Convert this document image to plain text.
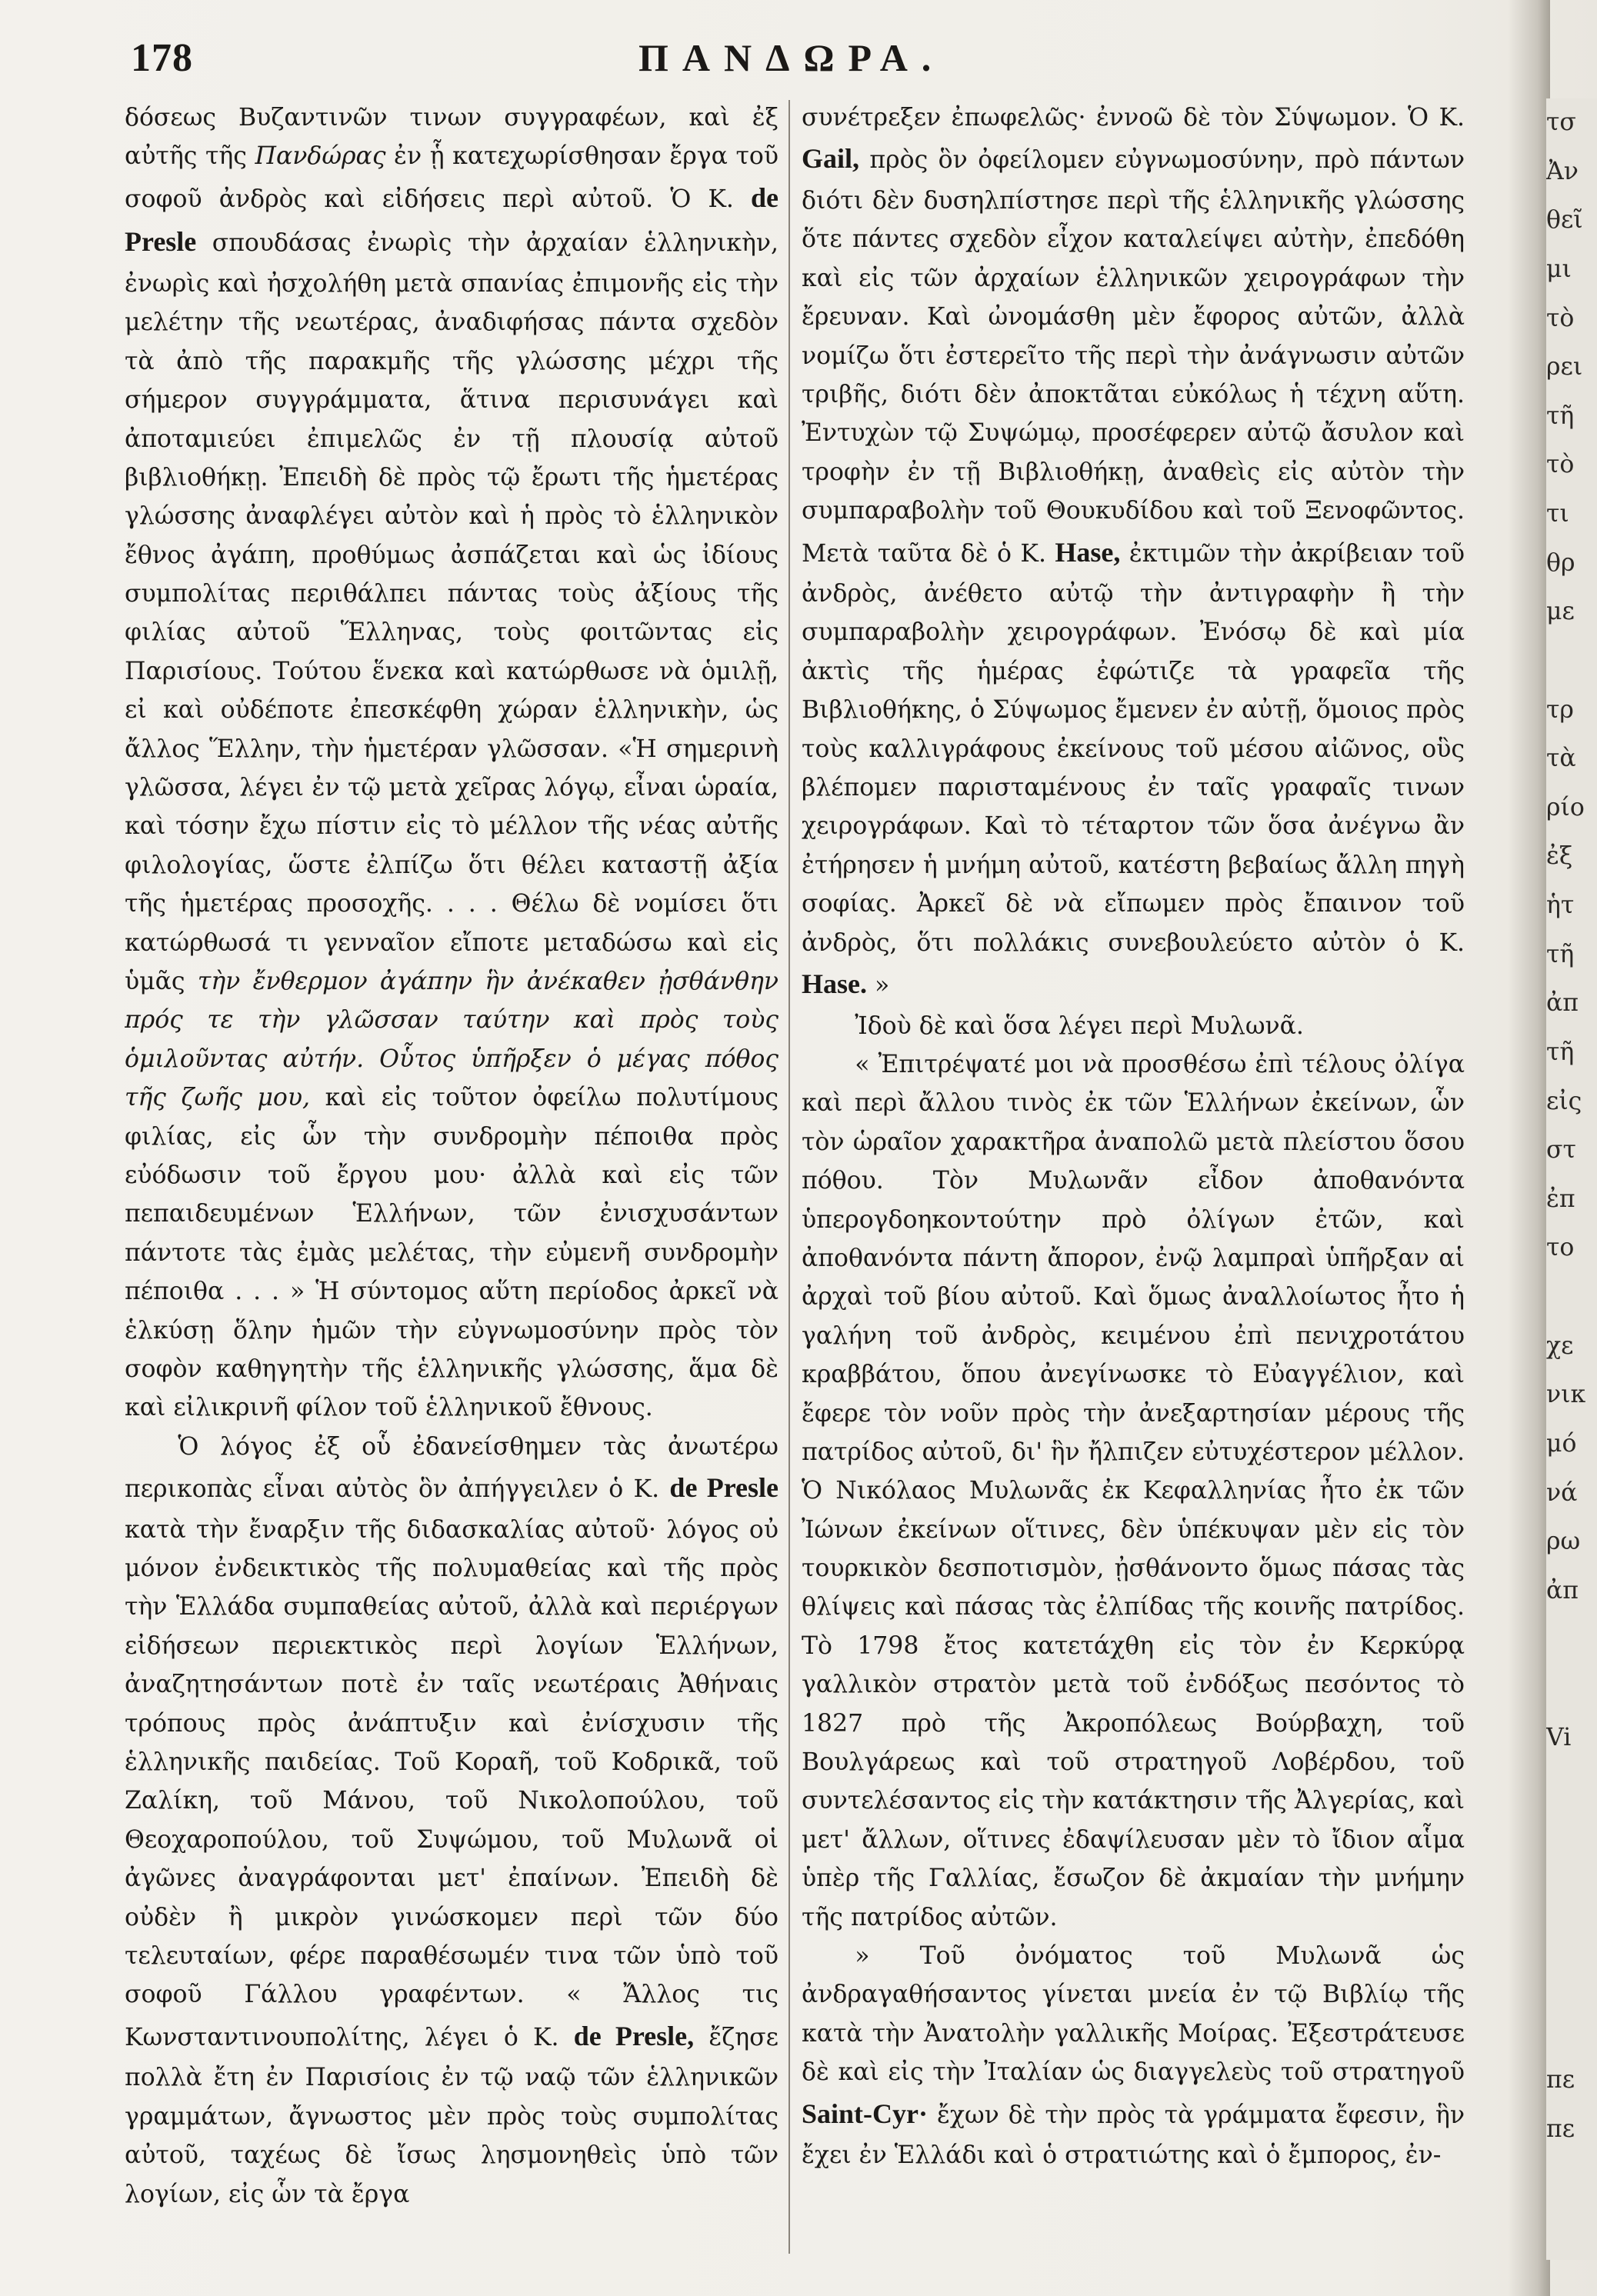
178	ΠΑΝΔΩΡΑ.

δόσεως Βυζαντινῶν τινων συγγραφέων, καὶ ἐξ αὐτῆς τῆς Πανδώρας ἐν ᾗ κατεχωρίσθησαν ἔργα τοῦ σοφοῦ ἀνδρὸς καὶ εἰδήσεις περὶ αὐτοῦ. Ὁ Κ. de Presle σπουδάσας ἐνωρὶς τὴν ἀρχαίαν ἑλληνικὴν, ἐνωρὶς καὶ ἠσχολήθη μετὰ σπανίας ἐπιμονῆς εἰς τὴν μελέτην τῆς νεωτέρας, ἀναδιφήσας πάντα σχεδὸν τὰ ἀπὸ τῆς παρακμῆς τῆς γλώσσης μέχρι τῆς σήμερον συγγράμματα, ἅτινα περισυνάγει καὶ ἀποταμιεύει ἐπιμελῶς ἐν τῇ πλουσίᾳ αὐτοῦ βιβλιοθήκῃ. Ἐπειδὴ δὲ πρὸς τῷ ἔρωτι τῆς ἡμετέρας γλώσσης ἀναφλέγει αὐτὸν καὶ ἡ πρὸς τὸ ἑλληνικὸν ἔθνος ἀγάπη, προθύμως ἀσπάζεται καὶ ὡς ἰδίους συμπολίτας περιθάλπει πάντας τοὺς ἀξίους τῆς φιλίας αὐτοῦ Ἕλληνας, τοὺς φοιτῶντας εἰς Παρισίους. Τούτου ἕνεκα καὶ κατώρθωσε νὰ ὁμιλῇ, εἰ καὶ οὐδέποτε ἐπεσκέφθη χώραν ἑλληνικὴν, ὡς ἄλλος Ἕλλην, τὴν ἡμετέραν γλῶσσαν. «Ἡ σημερινὴ γλῶσσα, λέγει ἐν τῷ μετὰ χεῖρας λόγῳ, εἶναι ὡραία, καὶ τόσην ἔχω πίστιν εἰς τὸ μέλλον τῆς νέας αὐτῆς φιλολογίας, ὥστε ἐλπίζω ὅτι θέλει καταστῇ ἀξία τῆς ἡμετέρας προσοχῆς. . . . Θέλω δὲ νομίσει ὅτι κατώρθωσά τι γενναῖον εἴποτε μεταδώσω καὶ εἰς ὑμᾶς τὴν ἔνθερμον ἀγάπην ἣν ἀνέκαθεν ᾐσθάνθην πρός τε τὴν γλῶσσαν ταύτην καὶ πρὸς τοὺς ὁμιλοῦντας αὐτήν. Οὗτος ὑπῆρξεν ὁ μέγας πόθος τῆς ζωῆς μου, καὶ εἰς τοῦτον ὀφείλω πολυτίμους φιλίας, εἰς ὧν τὴν συνδρομὴν πέποιθα πρὸς εὐόδωσιν τοῦ ἔργου μου· ἀλλὰ καὶ εἰς τῶν πεπαιδευμένων Ἑλλήνων, τῶν ἐνισχυσάντων πάντοτε τὰς ἐμὰς μελέτας, τὴν εὐμενῆ συνδρομὴν πέποιθα . . . » Ἡ σύντομος αὕτη περίοδος ἀρκεῖ νὰ ἑλκύσῃ ὅλην ἡμῶν τὴν εὐγνωμοσύνην πρὸς τὸν σοφὸν καθηγητὴν τῆς ἑλληνικῆς γλώσσης, ἅμα δὲ καὶ εἰλικρινῆ φίλον τοῦ ἑλληνικοῦ ἔθνους.

Ὁ λόγος ἐξ οὗ ἐδανείσθημεν τὰς ἀνωτέρω περικοπὰς εἶναι αὐτὸς ὃν ἀπήγγειλεν ὁ Κ. de Presle κατὰ τὴν ἔναρξιν τῆς διδασκαλίας αὐτοῦ· λόγος οὐ μόνον ἐνδεικτικὸς τῆς πολυμαθείας καὶ τῆς πρὸς τὴν Ἑλλάδα συμπαθείας αὐτοῦ, ἀλλὰ καὶ περιέργων εἰδήσεων περιεκτικὸς περὶ λογίων Ἑλλήνων, ἀναζητησάντων ποτὲ ἐν ταῖς νεωτέραις Ἀθήναις τρόπους πρὸς ἀνάπτυξιν καὶ ἐνίσχυσιν τῆς ἑλληνικῆς παιδείας. Τοῦ Κοραῆ, τοῦ Κοδρικᾶ, τοῦ Ζαλίκη, τοῦ Μάνου, τοῦ Νικολοπούλου, τοῦ Θεοχαροπούλου, τοῦ Συψώμου, τοῦ Μυλωνᾶ οἱ ἀγῶνες ἀναγράφονται μετ' ἐπαίνων. Ἐπειδὴ δὲ οὐδὲν ἢ μικρὸν γινώσκομεν περὶ τῶν δύο τελευταίων, φέρε παραθέσωμέν τινα τῶν ὑπὸ τοῦ σοφοῦ Γάλλου γραφέντων. « Ἄλλος τις Κωνσταντινουπολίτης, λέγει ὁ Κ. de Presle, ἔζησε πολλὰ ἔτη ἐν Παρισίοις ἐν τῷ ναῷ τῶν ἑλληνικῶν γραμμάτων, ἄγνωστος μὲν πρὸς τοὺς συμπολίτας αὐτοῦ, ταχέως δὲ ἴσως λησμονηθεὶς ὑπὸ τῶν λογίων, εἰς ὧν τὰ ἔργα

συνέτρεξεν ἐπωφελῶς· ἐννοῶ δὲ τὸν Σύψωμον. Ὁ Κ. Gail, πρὸς ὃν ὀφείλομεν εὐγνωμοσύνην, πρὸ πάντων διότι δὲν δυσηλπίστησε περὶ τῆς ἑλληνικῆς γλώσσης ὅτε πάντες σχεδὸν εἶχον καταλείψει αὐτὴν, ἐπεδόθη καὶ εἰς τῶν ἀρχαίων ἑλληνικῶν χειρογράφων τὴν ἔρευναν. Καὶ ὠνομάσθη μὲν ἔφορος αὐτῶν, ἀλλὰ νομίζω ὅτι ἐστερεῖτο τῆς περὶ τὴν ἀνάγνωσιν αὐτῶν τριβῆς, διότι δὲν ἀποκτᾶται εὐκόλως ἡ τέχνη αὕτη. Ἐντυχὼν τῷ Συψώμῳ, προσέφερεν αὐτῷ ἄσυλον καὶ τροφὴν ἐν τῇ Βιβλιοθήκῃ, ἀναθεὶς εἰς αὐτὸν τὴν συμπαραβολὴν τοῦ Θουκυδίδου καὶ τοῦ Ξενοφῶντος. Μετὰ ταῦτα δὲ ὁ Κ. Hase, ἐκτιμῶν τὴν ἀκρίβειαν τοῦ ἀνδρὸς, ἀνέθετο αὐτῷ τὴν ἀντιγραφὴν ἢ τὴν συμπαραβολὴν χειρογράφων. Ἐνόσῳ δὲ καὶ μία ἀκτὶς τῆς ἡμέρας ἐφώτιζε τὰ γραφεῖα τῆς Βιβλιοθήκης, ὁ Σύψωμος ἔμενεν ἐν αὐτῇ, ὅμοιος πρὸς τοὺς καλλιγράφους ἐκείνους τοῦ μέσου αἰῶνος, οὓς βλέπομεν παρισταμένους ἐν ταῖς γραφαῖς τινων χειρογράφων. Καὶ τὸ τέταρτον τῶν ὅσα ἀνέγνω ἂν ἐτήρησεν ἡ μνήμη αὐτοῦ, κατέστη βεβαίως ἄλλη πηγὴ σοφίας. Ἀρκεῖ δὲ νὰ εἴπωμεν πρὸς ἔπαινον τοῦ ἀνδρὸς, ὅτι πολλάκις συνεβουλεύετο αὐτὸν ὁ Κ. Hase. »

Ἰδοὺ δὲ καὶ ὅσα λέγει περὶ Μυλωνᾶ.

« Ἐπιτρέψατέ μοι νὰ προσθέσω ἐπὶ τέλους ὀλίγα καὶ περὶ ἄλλου τινὸς ἐκ τῶν Ἑλλήνων ἐκείνων, ὧν τὸν ὡραῖον χαρακτῆρα ἀναπολῶ μετὰ πλείστου ὅσου πόθου. Τὸν Μυλωνᾶν εἶδον ἀποθανόντα ὑπερογδοηκοντούτην πρὸ ὀλίγων ἐτῶν, καὶ ἀποθανόντα πάντη ἄπορον, ἐνῷ λαμπραὶ ὑπῆρξαν αἱ ἀρχαὶ τοῦ βίου αὐτοῦ. Καὶ ὅμως ἀναλλοίωτος ἦτο ἡ γαλήνη τοῦ ἀνδρὸς, κειμένου ἐπὶ πενιχροτάτου κραββάτου, ὅπου ἀνεγίνωσκε τὸ Εὐαγγέλιον, καὶ ἔφερε τὸν νοῦν πρὸς τὴν ἀνεξαρτησίαν μέρους τῆς πατρίδος αὐτοῦ, δι' ἣν ἤλπιζεν εὐτυχέστερον μέλλον. Ὁ Νικόλαος Μυλωνᾶς ἐκ Κεφαλληνίας ἦτο ἐκ τῶν Ἰώνων ἐκείνων οἵτινες, δὲν ὑπέκυψαν μὲν εἰς τὸν τουρκικὸν δεσποτισμὸν, ᾐσθάνοντο ὅμως πάσας τὰς θλίψεις καὶ πάσας τὰς ἐλπίδας τῆς κοινῆς πατρίδος. Τὸ 1798 ἔτος κατετάχθη εἰς τὸν ἐν Κερκύρᾳ γαλλικὸν στρατὸν μετὰ τοῦ ἐνδόξως πεσόντος τὸ 1827 πρὸ τῆς Ἀκροπόλεως Βούρβαχη, τοῦ Βουλγάρεως καὶ τοῦ στρατηγοῦ Λοβέρδου, τοῦ συντελέσαντος εἰς τὴν κατάκτησιν τῆς Ἀλγερίας, καὶ μετ' ἄλλων, οἵτινες ἐδαψίλευσαν μὲν τὸ ἴδιον αἷμα ὑπὲρ τῆς Γαλλίας, ἔσωζον δὲ ἀκμαίαν τὴν μνήμην τῆς πατρίδος αὐτῶν.

» Τοῦ ὀνόματος τοῦ Μυλωνᾶ ὡς ἀνδραγαθήσαντος γίνεται μνεία ἐν τῷ Βιβλίῳ τῆς κατὰ τὴν Ἀνατολὴν γαλλικῆς Μοίρας. Ἐξεστράτευσε δὲ καὶ εἰς τὴν Ἰταλίαν ὡς διαγγελεὺς τοῦ στρατηγοῦ Saint-Cyr· ἔχων δὲ τὴν πρὸς τὰ γράμματα ἔφεσιν, ἣν ἔχει ἐν Ἑλλάδι καὶ ὁ στρατιώτης καὶ ὁ ἔμπορος, ἐν-

τσ
Ἀν
θεῖ
μι
τὸ
ρει
τῆ
τὸ
τι
θρ
με

τρ
τὰ
ρίο
ἐξ
ἡτ
τῆ
ἀπ
τῆ
εἰς
στ
ἐπ
το

χε
νικ
μό
νά
ρω
ἀπ

Vi

πε
πε
